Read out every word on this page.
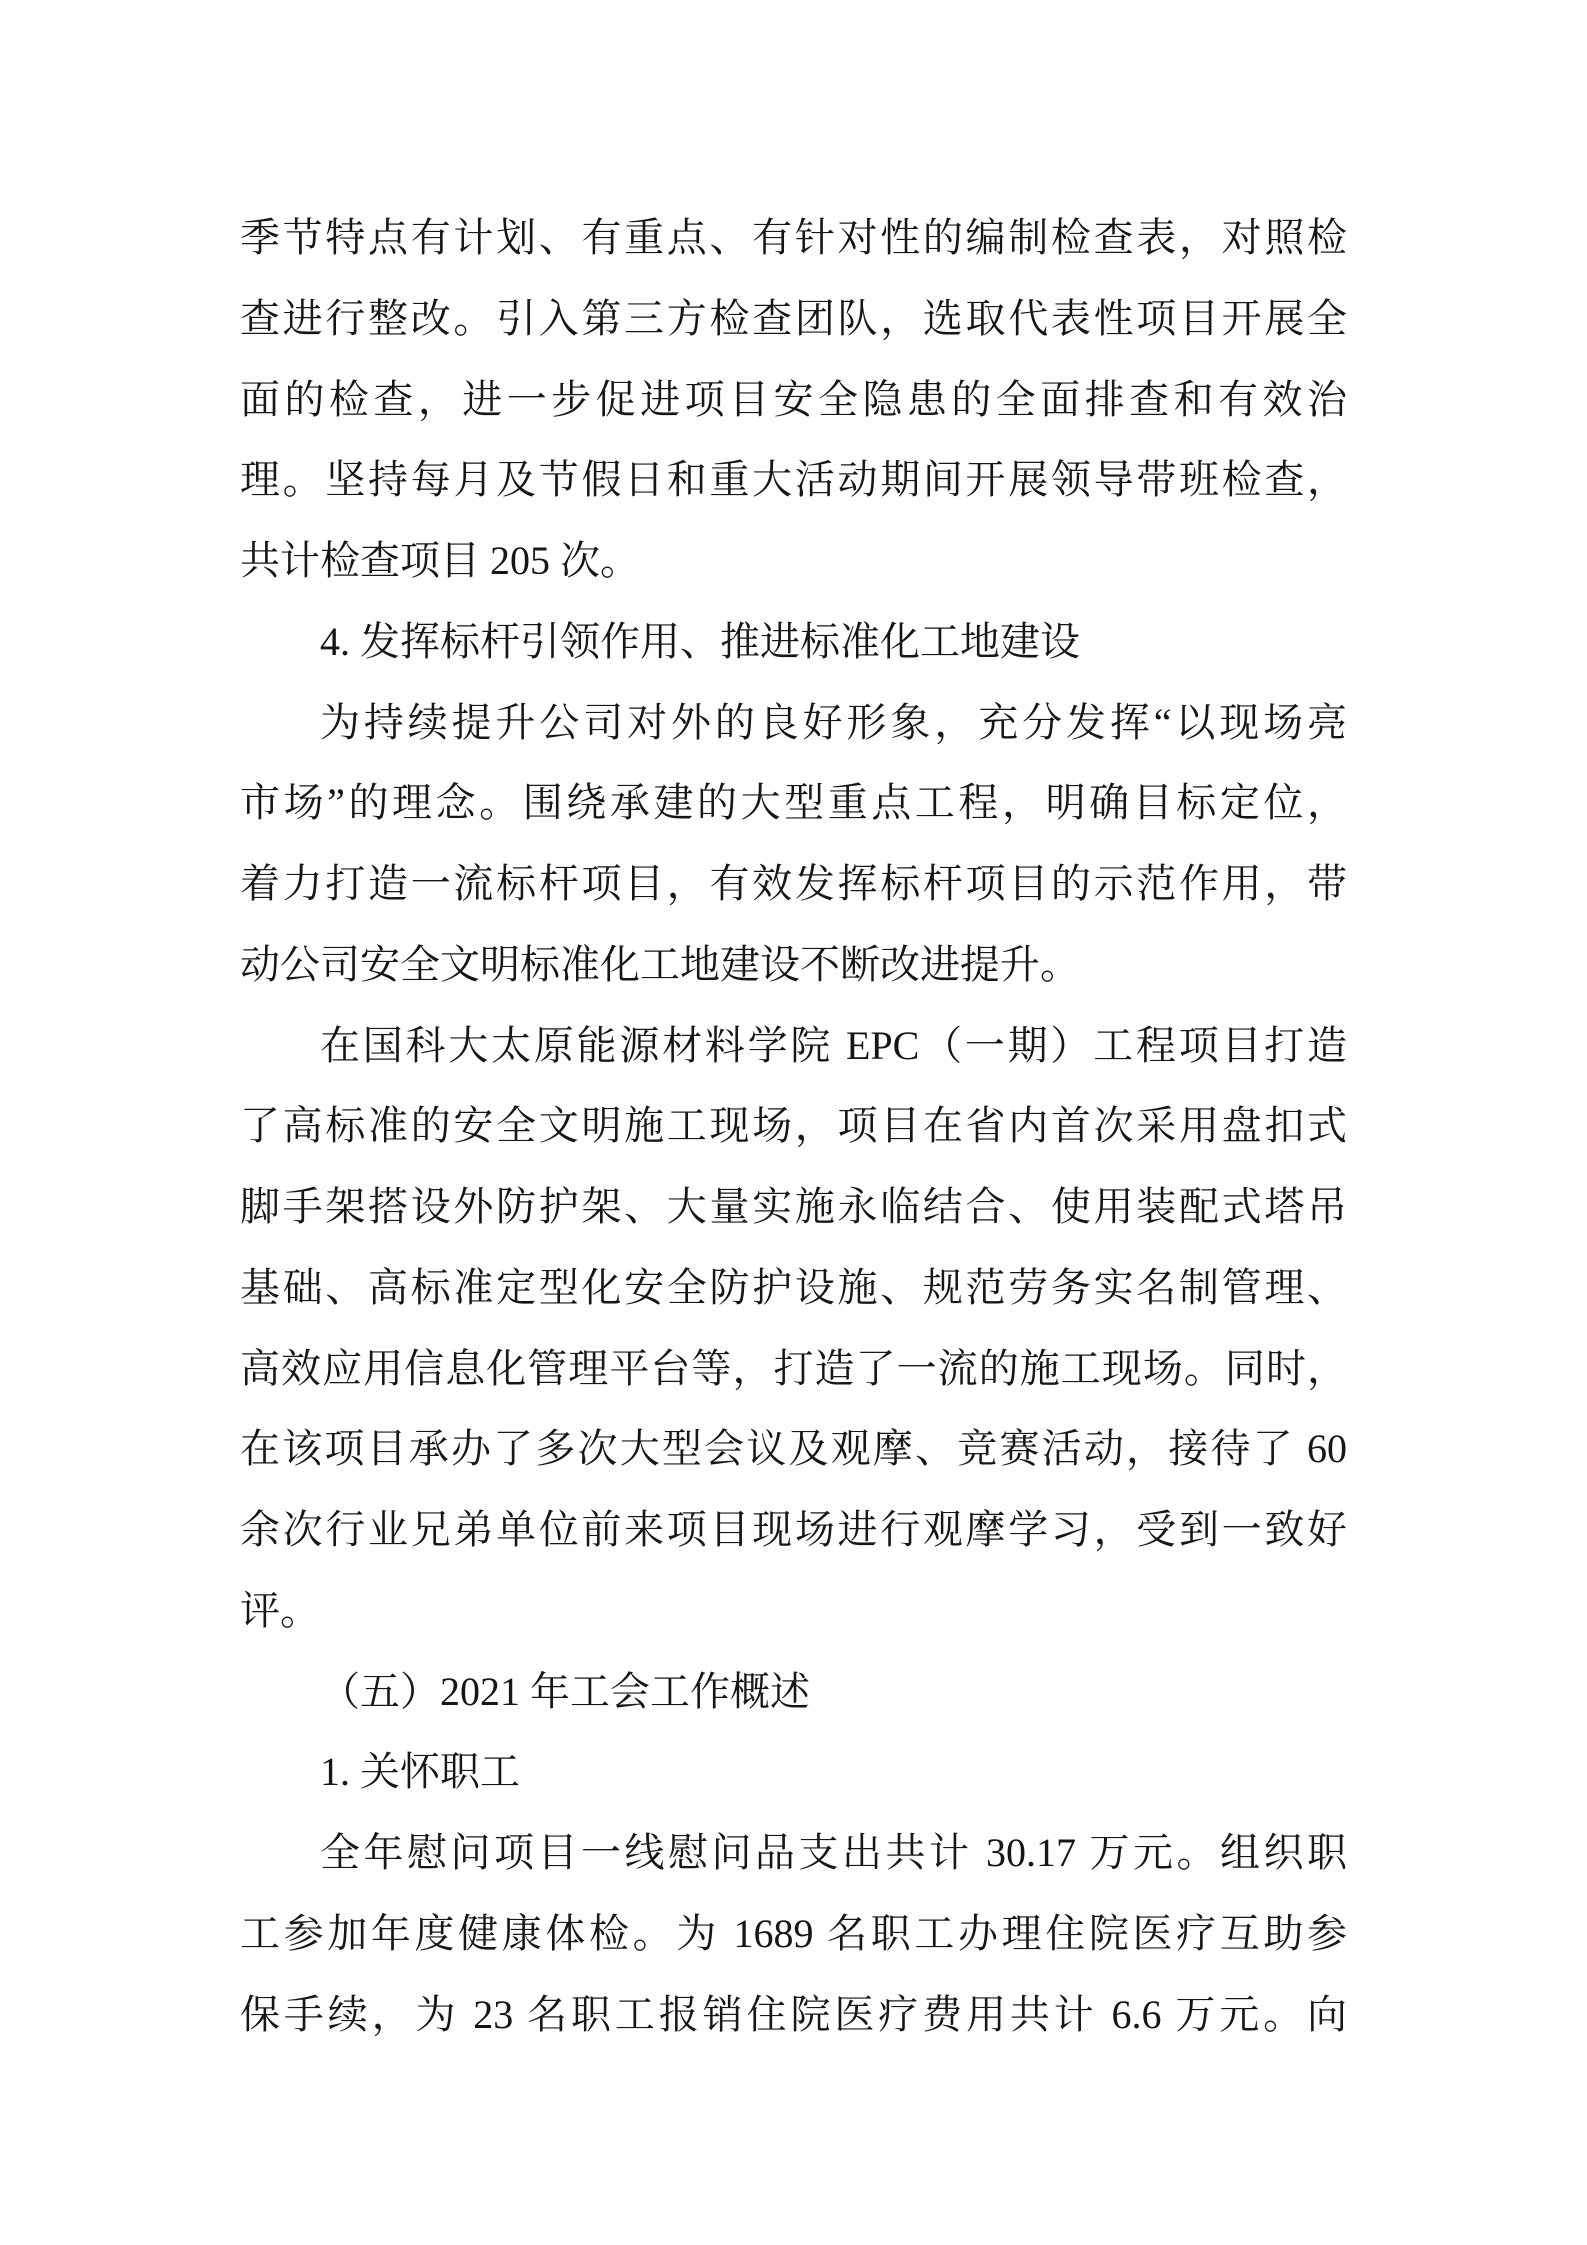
季节特点有计划、有重点、有针对性的编制检查表，对照检
查进行整改。引入第三方检查团队，选取代表性项目开展全
面的检查，进一步促进项目安全隐患的全面排查和有效治
理。坚持每月及节假日和重大活动期间开展领导带班检查，
共计检查项目 205 次。
4. 发挥标杆引领作用、推进标准化工地建设
为持续提升公司对外的良好形象，充分发挥“以现场亮
市场”的理念。围绕承建的大型重点工程，明确目标定位，
着力打造一流标杆项目，有效发挥标杆项目的示范作用，带
动公司安全文明标准化工地建设不断改进提升。
在国科大太原能源材料学院 EPC（一期）工程项目打造
了高标准的安全文明施工现场，项目在省内首次采用盘扣式
脚手架搭设外防护架、大量实施永临结合、使用装配式塔吊
基础、高标准定型化安全防护设施、规范劳务实名制管理、
高效应用信息化管理平台等，打造了一流的施工现场。同时，
在该项目承办了多次大型会议及观摩、竞赛活动，接待了 60
余次行业兄弟单位前来项目现场进行观摩学习，受到一致好
评。
（五）2021 年工会工作概述
1. 关怀职工
全年慰问项目一线慰问品支出共计 30.17 万元。组织职
工参加年度健康体检。为 1689 名职工办理住院医疗互助参
保手续，为 23 名职工报销住院医疗费用共计 6.6 万元。向
